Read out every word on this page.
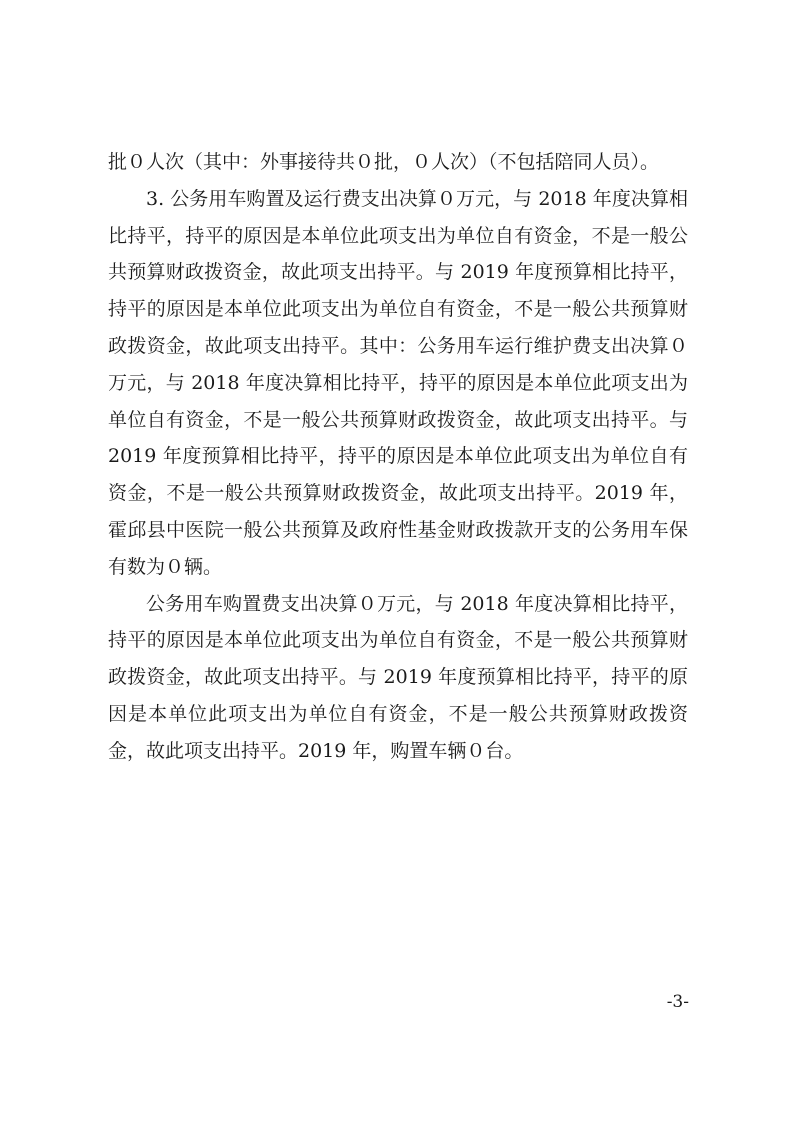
批０人次（其中：外事接待共０批，０人次）（不包括陪同人员）。

3. 公务用车购置及运行费支出决算０万元，与 2018 年度决算相比持平，持平的原因是本单位此项支出为单位自有资金，不是一般公共预算财政拨资金，故此项支出持平。与 2019 年度预算相比持平，持平的原因是本单位此项支出为单位自有资金，不是一般公共预算财政拨资金，故此项支出持平。其中：公务用车运行维护费支出决算０万元，与 2018 年度决算相比持平，持平的原因是本单位此项支出为单位自有资金，不是一般公共预算财政拨资金，故此项支出持平。与 2019 年度预算相比持平，持平的原因是本单位此项支出为单位自有资金，不是一般公共预算财政拨资金，故此项支出持平。2019 年，霍邱县中医院一般公共预算及政府性基金财政拨款开支的公务用车保有数为０辆。

公务用车购置费支出决算０万元，与 2018 年度决算相比持平，持平的原因是本单位此项支出为单位自有资金，不是一般公共预算财政拨资金，故此项支出持平。与 2019 年度预算相比持平，持平的原因是本单位此项支出为单位自有资金，不是一般公共预算财政拨资金，故此项支出持平。2019 年，购置车辆０台。

-3-
